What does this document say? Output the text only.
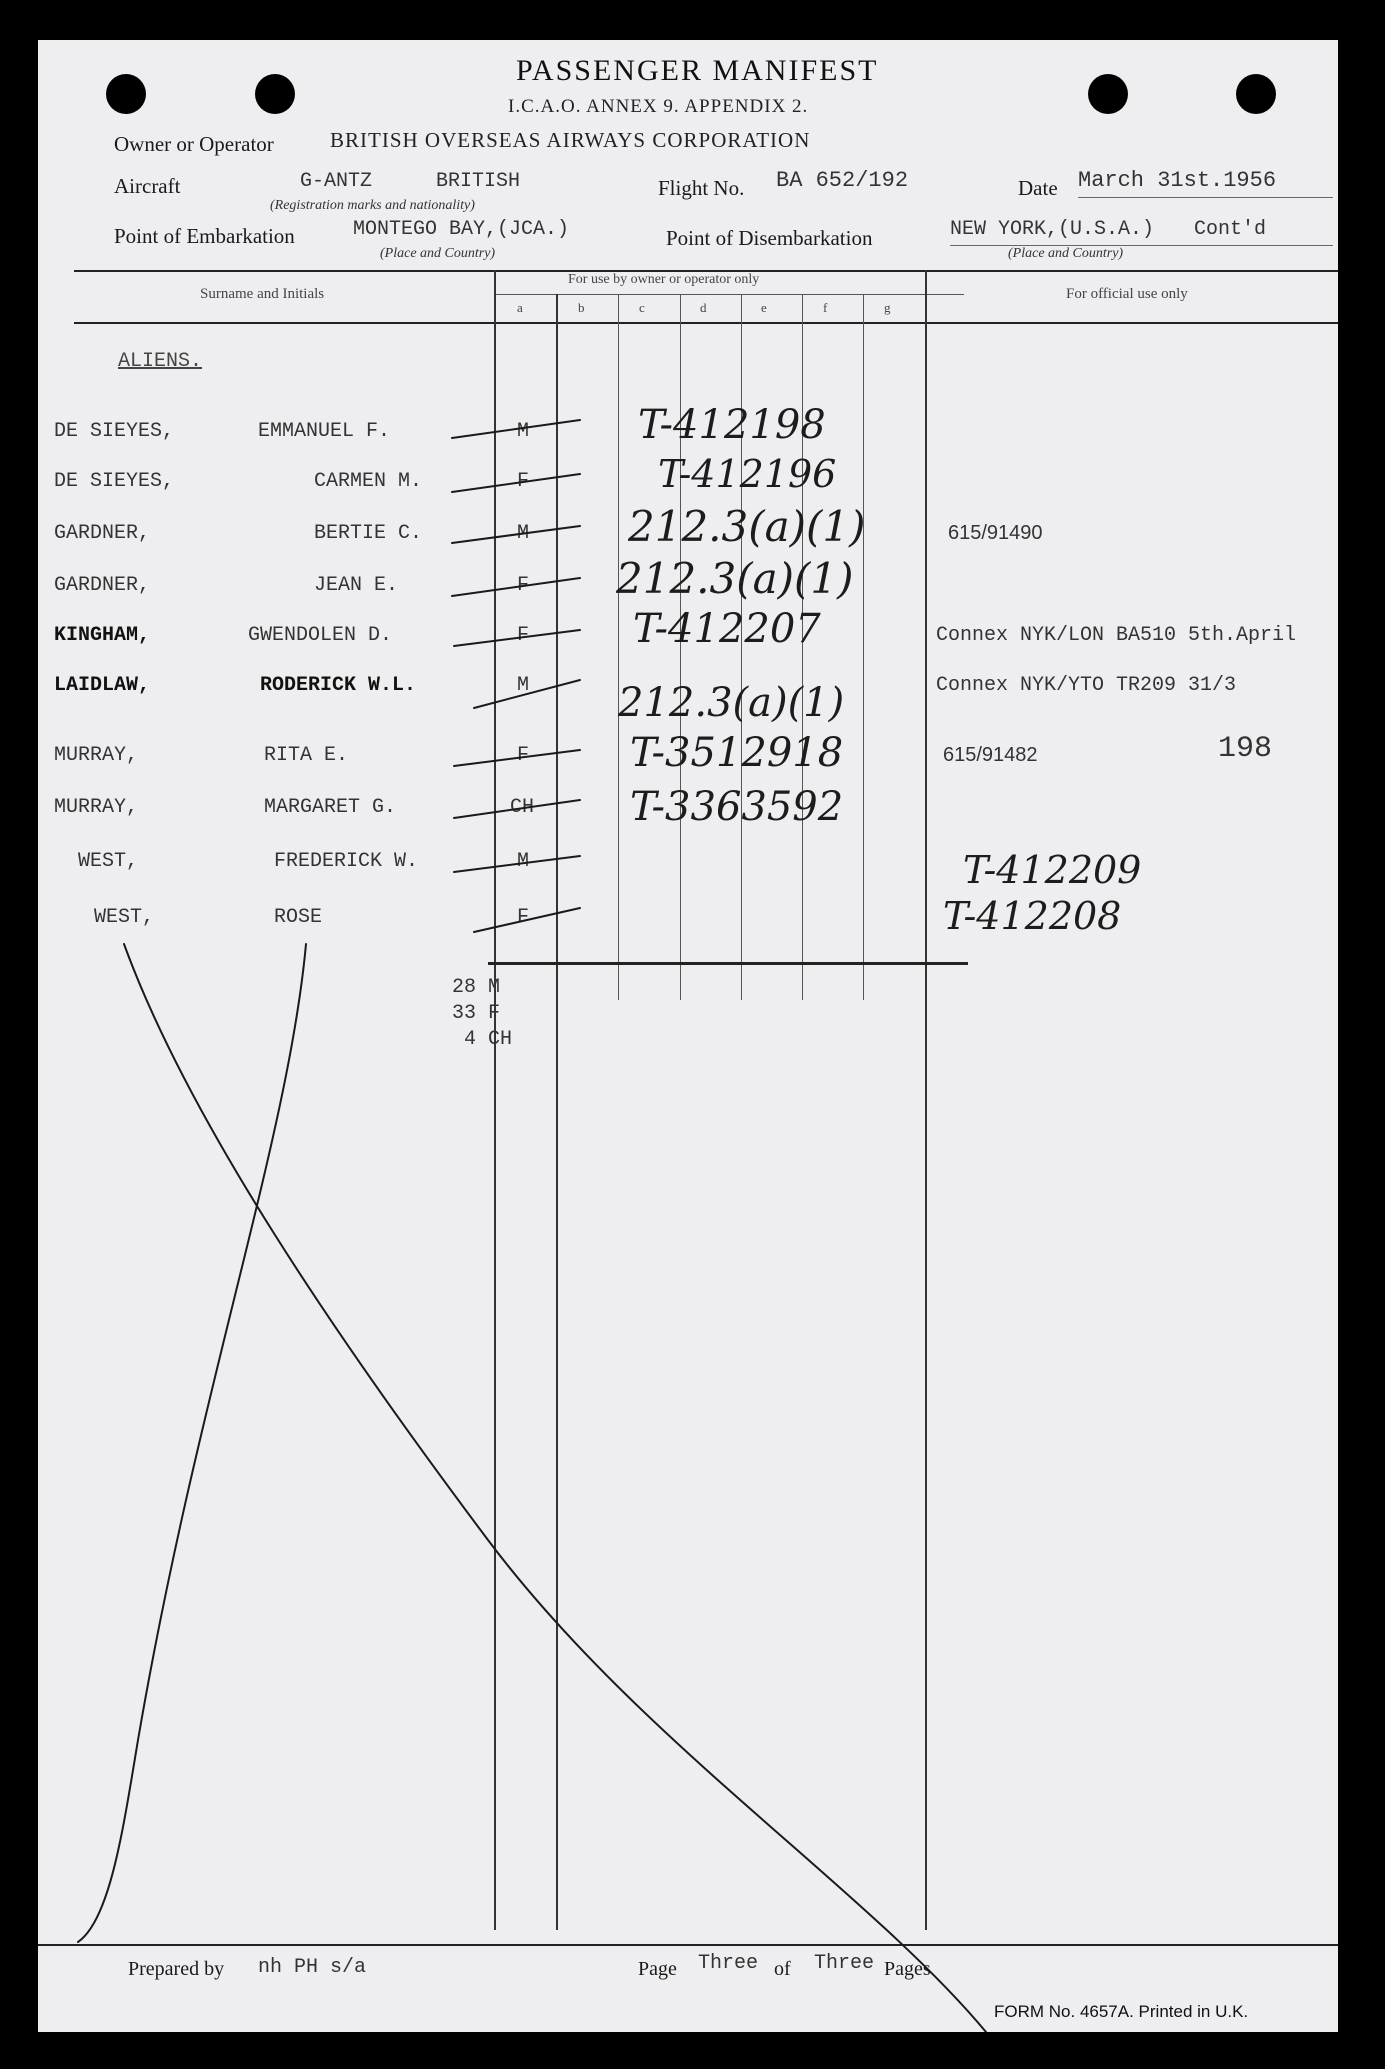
PASSENGER MANIFEST
I.C.A.O. ANNEX 9. APPENDIX 2.
Owner or Operator	BRITISH OVERSEAS AIRWAYS CORPORATION
Aircraft	G-ANTZ	BRITISH
(Registration marks and nationality)
Flight No. BA 652/192	Date March 31st.1956
Point of Embarkation	MONTEGO BAY,(JCA.)
(Place and Country)
Point of Disembarkation	NEW YORK,(U.S.A.) Cont'd
(Place and Country)
Surname and Initials
For use by owner or operator only
For official use only
a	b	c	d	e	f	g
ALIENS.
DE SIEYES,	EMMANUEL F.	M	T-412198
DE SIEYES,	CARMEN M.	F	T-412196
GARDNER,	BERTIE C.	M 212.3(a)(1)	615/91490
GARDNER,	JEAN E.	F 212.3(a)(1)
KINGHAM,	GWENDOLEN D.	F	T-412207	Connex NYK/LON BA510 5th.April
LAIDLAW,	RODERICK W.L.	M 212.3(a)(1)	Connex NYK/YTO TR209 31/3
MURRAY,	RITA E.	F	T-3512918	615/91482	198
MURRAY,	MARGARET G.	CH T-3363592
WEST,	FREDERICK W.	M	T-412209
WEST,	ROSE	F	T-412208
28 M
33 F
4 CH
Prepared by nh PH s/a	Page Three of Three Pages
FORM No. 4657A. Printed in U.K.
